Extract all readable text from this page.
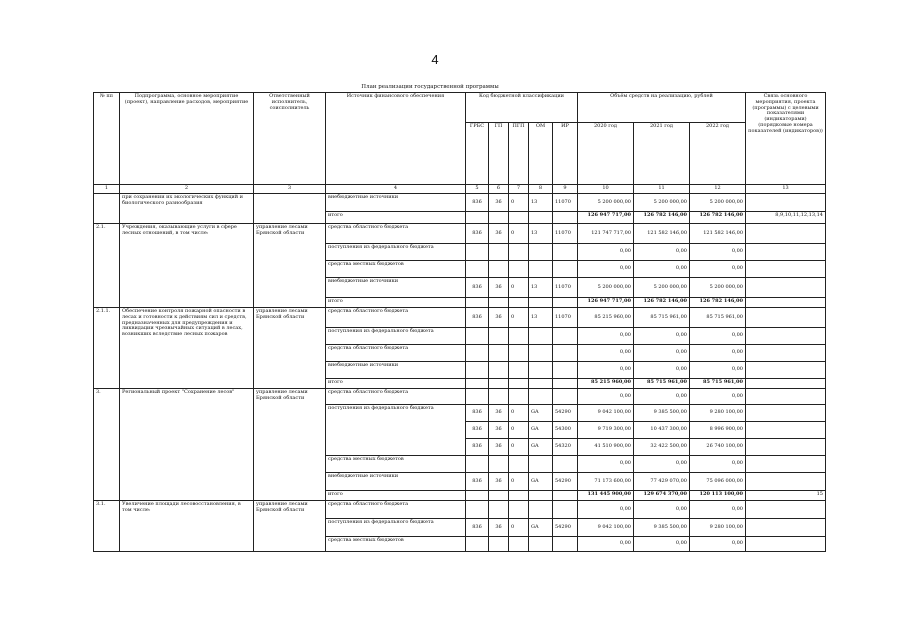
4
План реализации государственной программы
№ пп	Подпрограмма, основное мероприятие (проект), направление расходов, мероприятие	Ответственный исполнитель, соисполнитель	Источник финансового обеспечения	Код бюджетной классификации					Объём средств на реализацию, рублей			Связь основного мероприятия, проекта (программы) с целевыми показателями (индикаторами) (порядковые номера показателей (индикаторов))
				ГРБС	ГП	ПГП	ОМ	ИР	2020 год	2021 год	2022 год	
1	2	3	4	5	6	7	8	9	10	11	12	13
	при сохранении их экологических функций и биологического разнообразия		внебюджетные источники	836	36	0	13	11070	5 200 000,00	5 200 000,00	5 200 000,00	
			итого						126 947 717,00	126 782 146,00	126 782 146,00	8,9,10,11,12,13,14
2.1.	Учреждения, оказывающие услуги в сфере лесных отношений, в том числе:	управление лесами Брянской области	средства областного бюджета	836	36	0	13	11070	121 747 717,00	121 582 146,00	121 582 146,00	
			поступления из федерального бюджета						0,00	0,00	0,00	
			средства местных бюджетов						0,00	0,00	0,00	
			внебюджетные источники	836	36	0	13	11070	5 200 000,00	5 200 000,00	5 200 000,00	
			итого						126 947 717,00	126 782 146,00	126 782 146,00	
2.1.1.	Обеспечение контроля пожарной опасности в лесах и готовности к действиям сил и средств, предназначенных для предупреждения и ликвидации чрезвычайных ситуаций в лесах, возникших вследствие лесных пожаров	управление лесами Брянской области	средства областного бюджета	836	36	0	13	11070	85 215 960,00	85 715 961,00	85 715 961,00	
			поступления из федерального бюджета						0,00	0,00	0,00	
			средства областного бюджета						0,00	0,00	0,00	
			внебюджетные источники						0,00	0,00	0,00	
			итого						85 215 960,00	85 715 961,00	85 715 961,00	
3.	Региональный проект "Сохранение лесов"	управление лесами Брянской области	средства областного бюджета						0,00	0,00	0,00	
			поступления из федерального бюджета	836	36	0	GA	54290	9 042 100,00	9 385 500,00	9 280 100,00	
				836	36	0	GA	54300	9 719 300,00	10 437 300,00	8 996 900,00	
				836	36	0	GA	54320	41 510 900,00	32 422 500,00	26 740 100,00	
			средства местных бюджетов						0,00	0,00	0,00	
			внебюджетные источники	836	36	0	GA	54290	71 173 600,00	77 429 070,00	75 096 000,00	
			итого						131 445 900,00	129 674 370,00	120 113 100,00	15
3.1.	Увеличение площади лесовосстановления, в том числе:	управление лесами Брянской области	средства областного бюджета						0,00	0,00	0,00	
			поступления из федерального бюджета	836	36	0	GA	54290	9 042 100,00	9 385 500,00	9 280 100,00	
			средства местных бюджетов						0,00	0,00	0,00	
